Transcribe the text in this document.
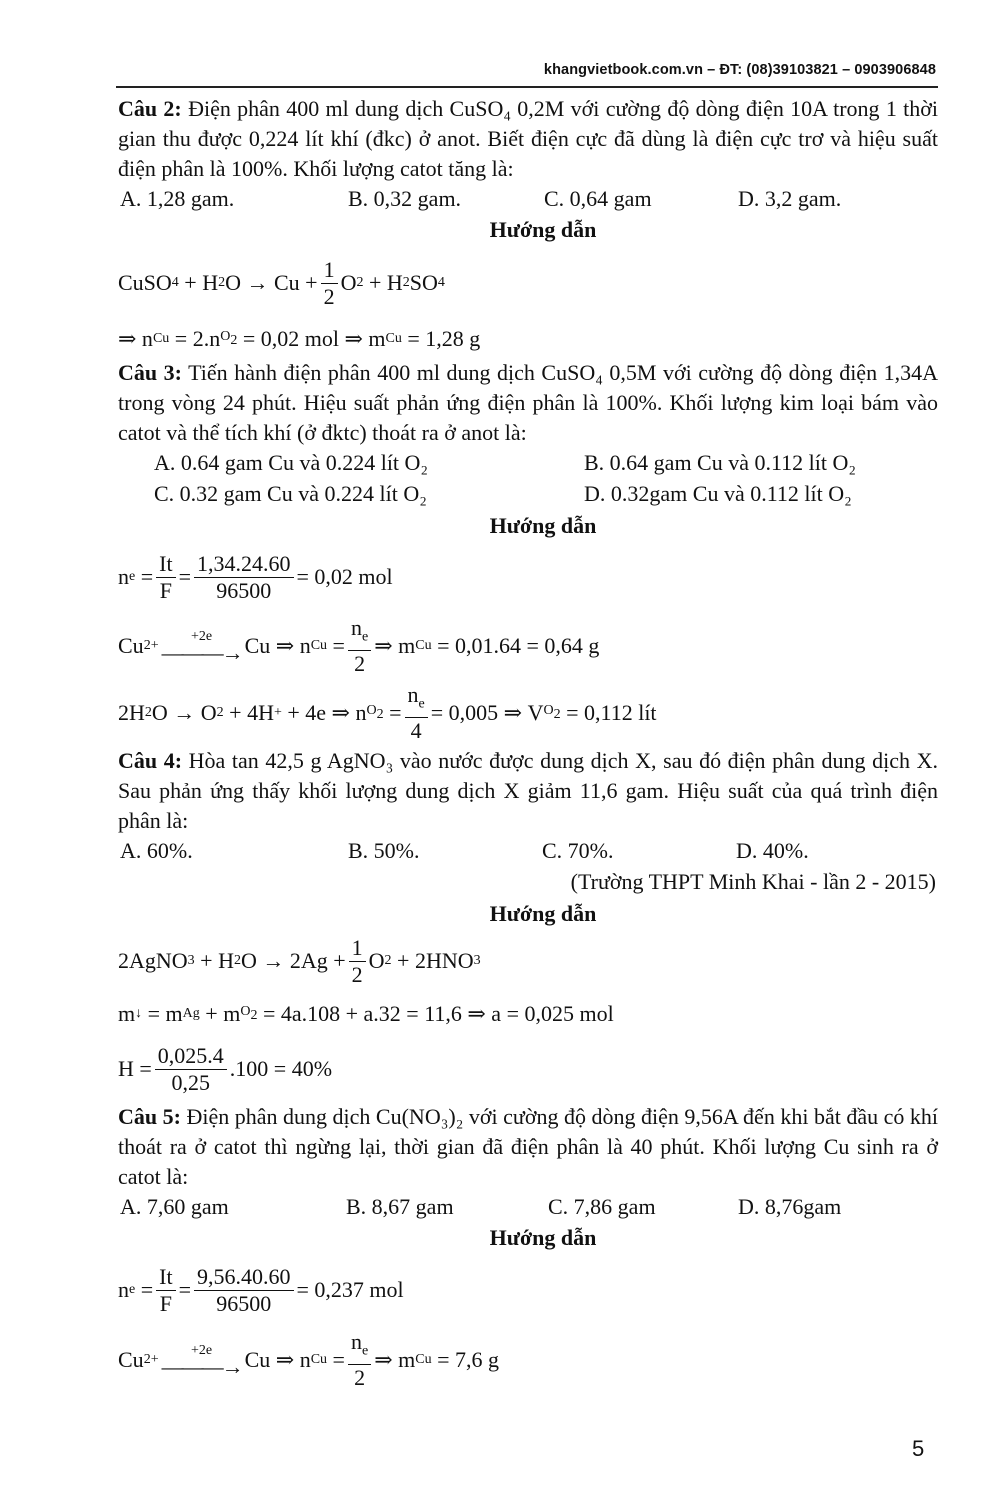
khangvietbook.com.vn – ĐT: (08)39103821 – 0903906848

Câu 2: Điện phân 400 ml dung dịch CuSO₄ 0,2M với cường độ dòng điện 10A trong 1 thời gian thu được 0,224 lít khí (đkc) ở anot. Biết điện cực đã dùng là điện cực trơ và hiệu suất điện phân là 100%. Khối lượng catot tăng là:

A. 1,28 gam.	B. 0,32 gam.	C. 0,64 gam	D. 3,2 gam.
Hướng dẫn
CuSO 4 + H 2 $O \to Cu + \frac{1}{2}$ O 2 + H 2 SO 4
⇒ n Cu = 2.n $O_2 = 0,02$ mol ⇒ m Cu = 1,28 g

Câu 3: Tiến hành điện phân 400 ml dung dịch CuSO₄ 0,5M với cường độ dòng điện 1,34A trong vòng 24 phút. Hiệu suất phản ứng điện phân là 100%. Khối lượng kim loại bám vào catot và thể tích khí (ở đktc) thoát ra ở anot là:

A. 0.64 gam Cu và 0.224 lít O₂	B. 0.64 gam Cu và 0.112 lít O₂
C. 0.32 gam Cu và 0.224 lít O₂	D. 0.32gam Cu và 0.112 lít O₂
Hướng dẫn
n $e = \frac{It}{F} = \frac{1,34.24.60}{96500} = 0,02$ mol
Cu 2+
+2e
———→ Cu ⇒ n $Cu = \frac{n_e}{2}$ ⇒ m Cu = 0,01.64 = 0,64 g
2H 2 O → O 2 + 4H + + 4e ⇒ n $O_2 = \frac{n_e}{4} = 0,005$ ⇒ V $O_2 = 0,112$ lít

Câu 4: Hòa tan 42,5 g AgNO₃ vào nước được dung dịch X, sau đó điện phân dung dịch X. Sau phản ứng thấy khối lượng dung dịch X giảm 11,6 gam. Hiệu suất của quá trình điện phân là:

A. 60%.	B. 50%.	C. 70%.	D. 40%.
(Trường THPT Minh Khai - lần 2 - 2015)
Hướng dẫn
2AgNO 3 + H 2 $O \to 2Ag + \frac{1}{2}$ O 2 + 2HNO 3
m ↓ = m Ag + m $O_2 = 4a.108 + a.32 = 11,6$ ⇒ a = 0,025 mol
$H = \frac{0,025.4}{0,25} .100 = 40\%$

Câu 5: Điện phân dung dịch Cu(NO₃)₂ với cường độ dòng điện 9,56A đến khi bắt đầu có khí thoát ra ở catot thì ngừng lại, thời gian đã điện phân là 40 phút. Khối lượng Cu sinh ra ở catot là:

A. 7,60 gam	B. 8,67 gam	C. 7,86 gam	D. 8,76gam
Hướng dẫn
n $e = \frac{It}{F} = \frac{9,56.40.60}{96500} = 0,237$ mol
Cu 2+
+2e
———→ Cu ⇒ n $Cu = \frac{n_e}{2}$ ⇒ m Cu = 7,6 g
5
